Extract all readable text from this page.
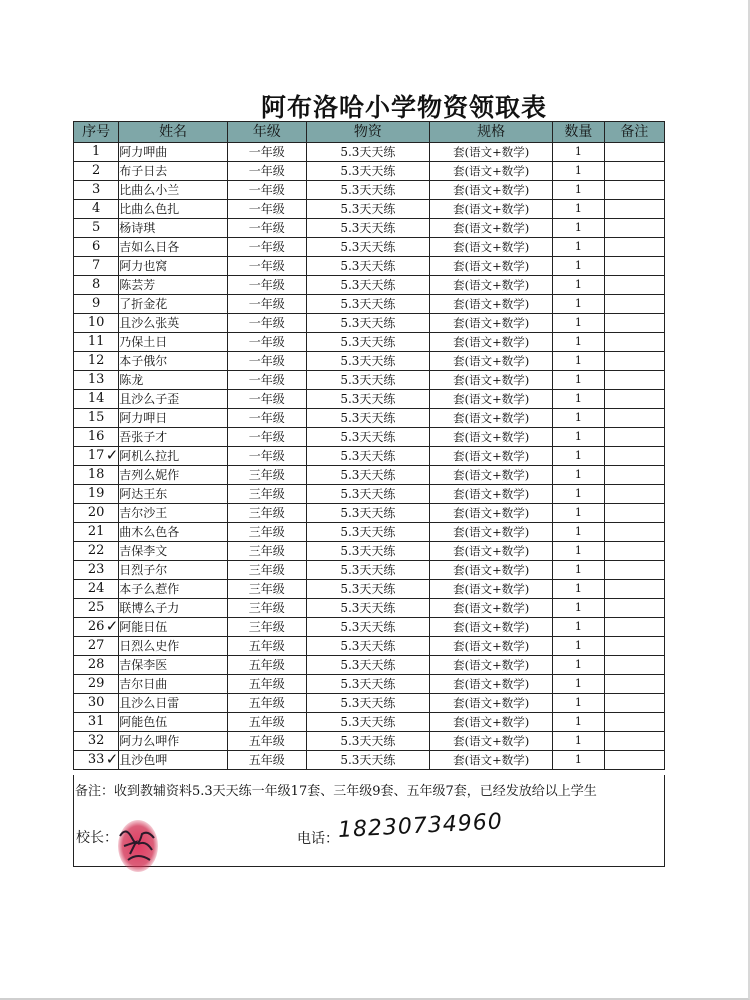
阿布洛哈小学物资领取表
序号	姓名	年级	物资	规格	数量	备注
1	阿力呷曲	一年级	5.3天天练	套(语文+数学)	1	
2	布子日去	一年级	5.3天天练	套(语文+数学)	1	
3	比曲么小兰	一年级	5.3天天练	套(语文+数学)	1	
4	比曲么色扎	一年级	5.3天天练	套(语文+数学)	1	
5	杨诗琪	一年级	5.3天天练	套(语文+数学)	1	
6	吉如么日各	一年级	5.3天天练	套(语文+数学)	1	
7	阿力也窝	一年级	5.3天天练	套(语文+数学)	1	
8	陈芸芳	一年级	5.3天天练	套(语文+数学)	1	
9	了折金花	一年级	5.3天天练	套(语文+数学)	1	
10	且沙么张英	一年级	5.3天天练	套(语文+数学)	1	
11	乃保土日	一年级	5.3天天练	套(语文+数学)	1	
12	本子俄尔	一年级	5.3天天练	套(语文+数学)	1	
13	陈龙	一年级	5.3天天练	套(语文+数学)	1	
14	且沙么子歪	一年级	5.3天天练	套(语文+数学)	1	
15	阿力呷日	一年级	5.3天天练	套(语文+数学)	1	
16	吾张子才	一年级	5.3天天练	套(语文+数学)	1	
17	阿机么拉扎	一年级	5.3天天练	套(语文+数学)	1	
18	吉列么妮作	三年级	5.3天天练	套(语文+数学)	1	
19	阿达王东	三年级	5.3天天练	套(语文+数学)	1	
20	吉尔沙王	三年级	5.3天天练	套(语文+数学)	1	
21	曲木么色各	三年级	5.3天天练	套(语文+数学)	1	
22	吉保李文	三年级	5.3天天练	套(语文+数学)	1	
23	日烈子尔	三年级	5.3天天练	套(语文+数学)	1	
24	本子么惹作	三年级	5.3天天练	套(语文+数学)	1	
25	联博么子力	三年级	5.3天天练	套(语文+数学)	1	
26	阿能日伍	三年级	5.3天天练	套(语文+数学)	1	
27	日烈么史作	五年级	5.3天天练	套(语文+数学)	1	
28	吉保李医	五年级	5.3天天练	套(语文+数学)	1	
29	吉尔日曲	五年级	5.3天天练	套(语文+数学)	1	
30	且沙么日雷	五年级	5.3天天练	套(语文+数学)	1	
31	阿能色伍	五年级	5.3天天练	套(语文+数学)	1	
32	阿力么呷作	五年级	5.3天天练	套(语文+数学)	1	
33	且沙色呷	五年级	5.3天天练	套(语文+数学)	1	
✓
✓
✓
备注：收到教辅资料5.3天天练一年级17套、三年级9套、五年级7套，已经发放给以上学生
校长：	电话：
18230734960
